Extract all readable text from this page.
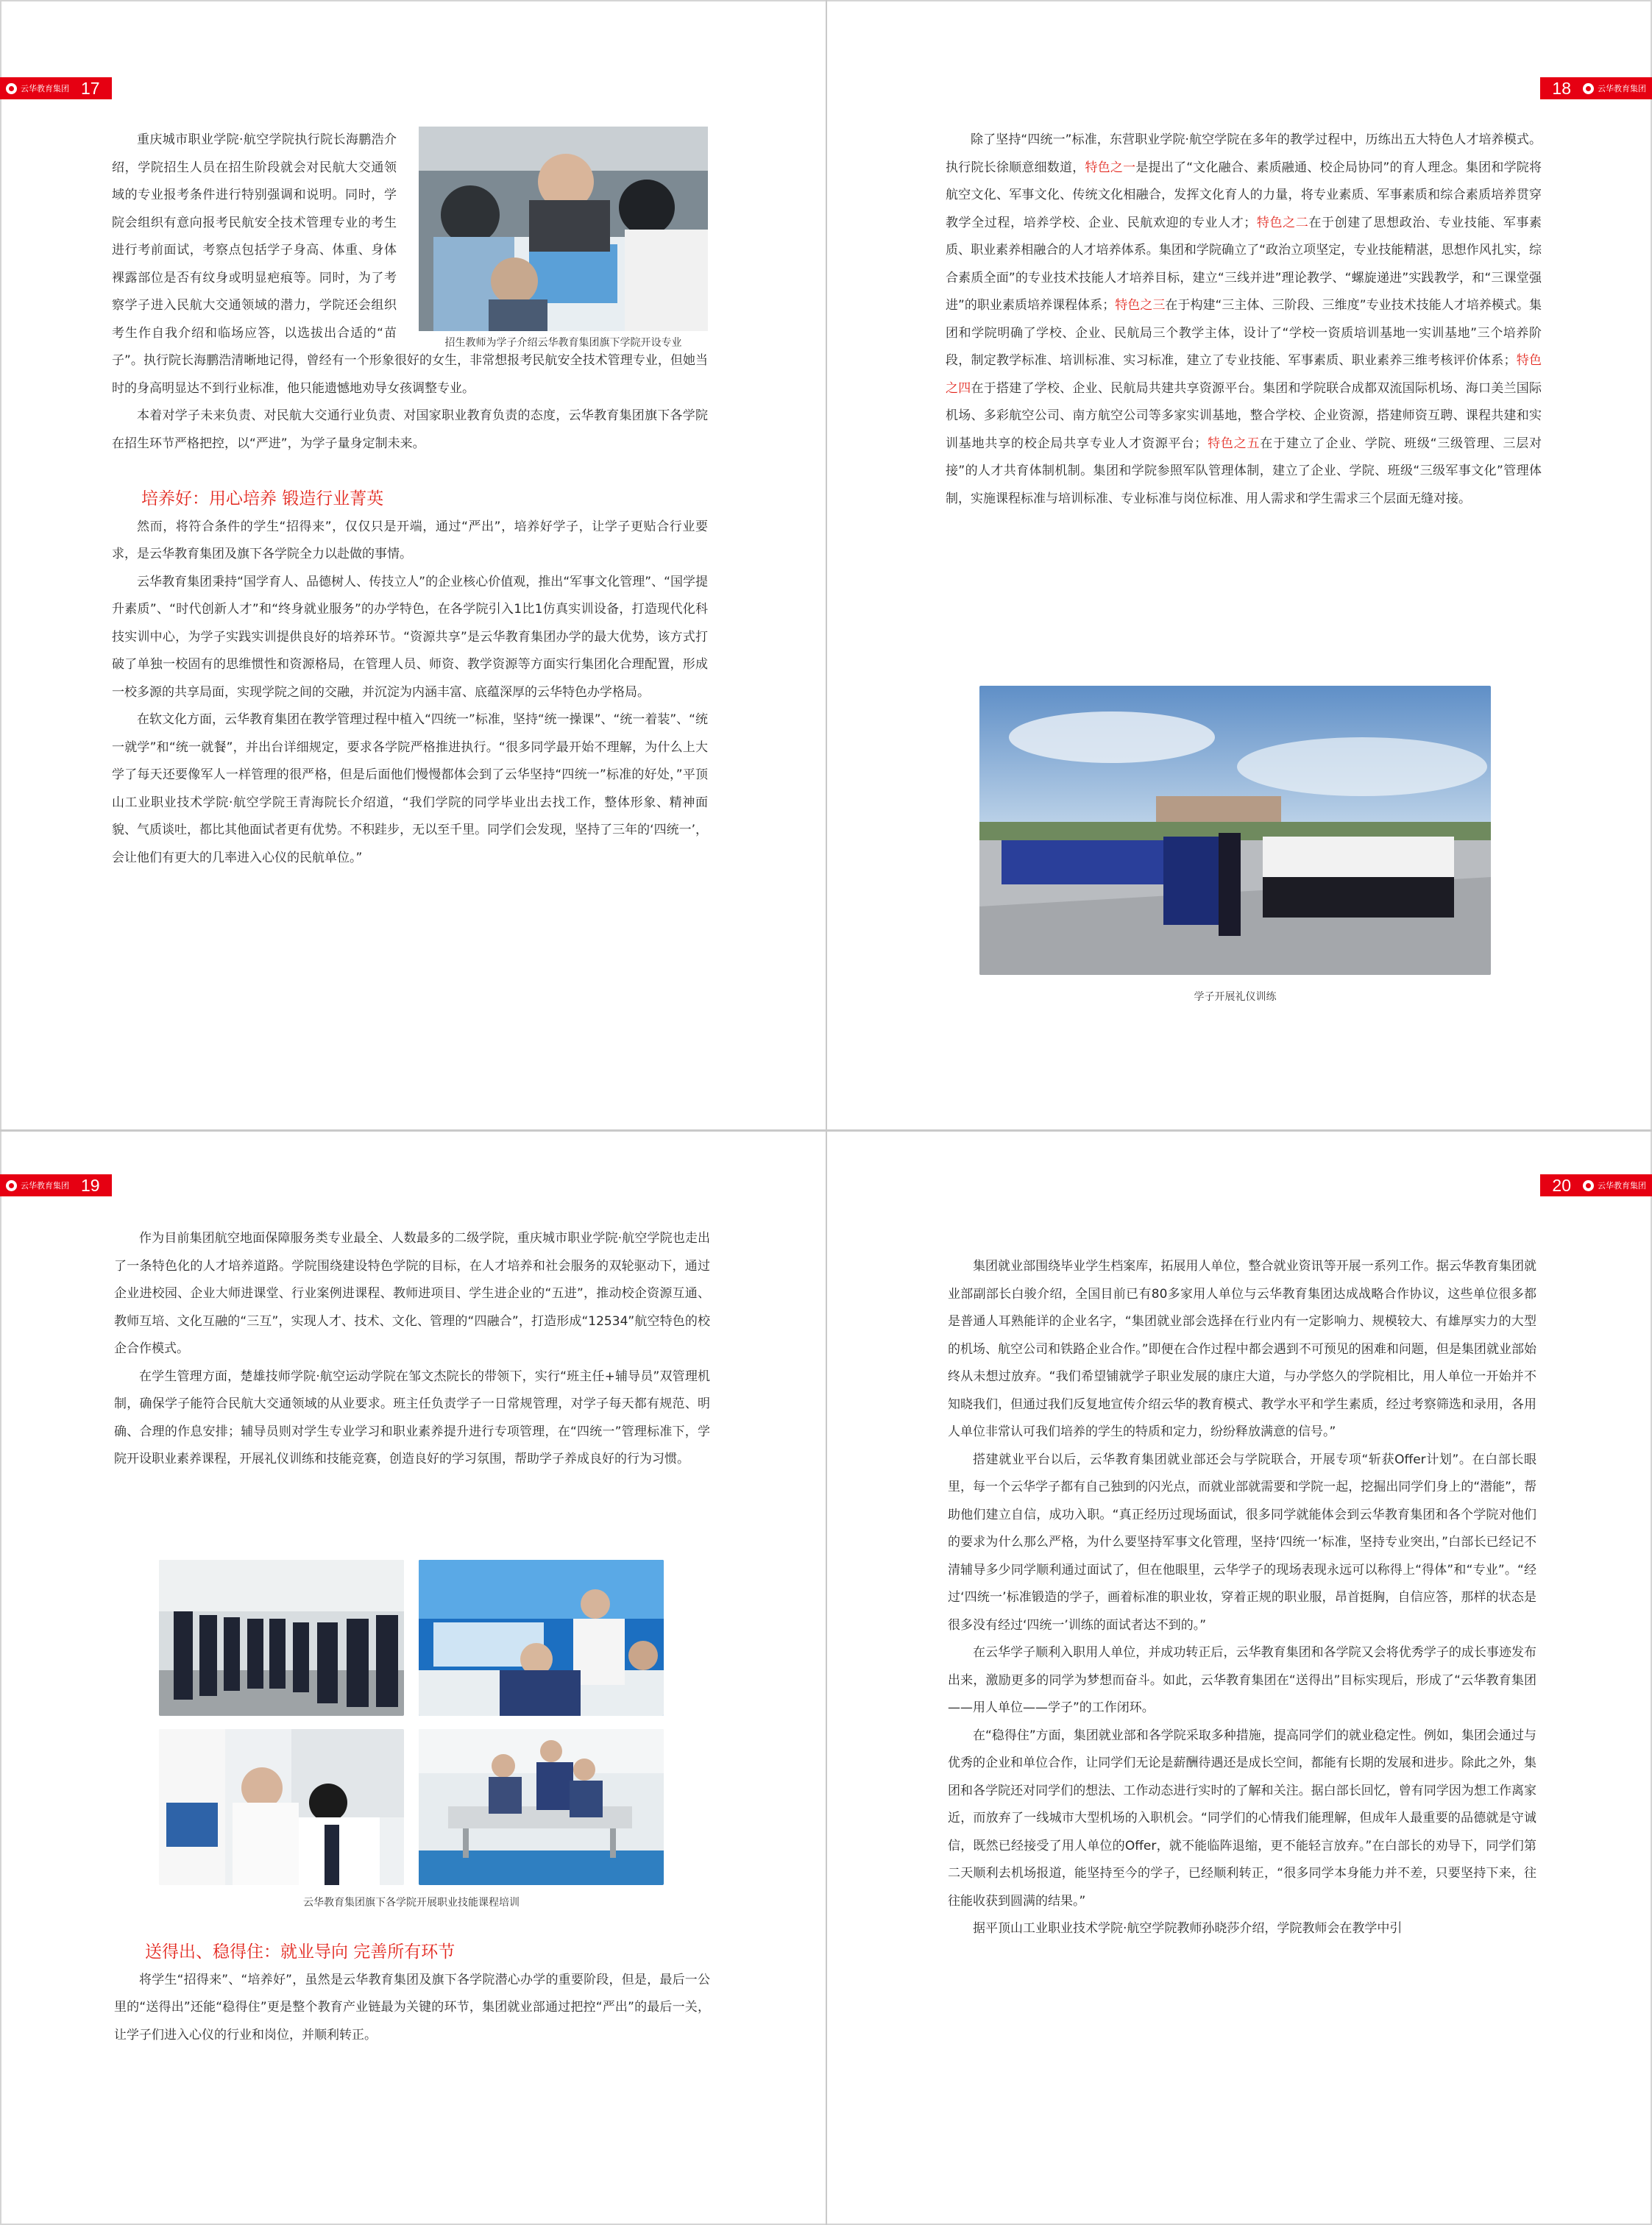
云华教育集团 17
招生教师为学子介绍云华教育集团旗下学院开设专业

重庆城市职业学院·航空学院执行院长海鹏浩介绍，学院招生人员在招生阶段就会对民航大交通领域的专业报考条件进行特别强调和说明。同时，学院会组织有意向报考民航安全技术管理专业的考生进行考前面试，考察点包括学子身高、体重、身体裸露部位是否有纹身或明显疤痕等。同时，为了考察学子进入民航大交通领域的潜力，学院还会组织考生作自我介绍和临场应答，以选拔出合适的“苗子”。执行院长海鹏浩清晰地记得，曾经有一个形象很好的女生，非常想报考民航安全技术管理专业，但她当时的身高明显达不到行业标准，他只能遗憾地劝导女孩调整专业。

本着对学子未来负责、对民航大交通行业负责、对国家职业教育负责的态度，云华教育集团旗下各学院在招生环节严格把控，以“严进”，为学子量身定制未来。

培养好：用心培养 锻造行业菁英

然而，将符合条件的学生“招得来”，仅仅只是开端，通过“严出”，培养好学子，让学子更贴合行业要求，是云华教育集团及旗下各学院全力以赴做的事情。

云华教育集团秉持“国学育人、品德树人、传技立人”的企业核心价值观，推出“军事文化管理”、“国学提升素质”、“时代创新人才”和“终身就业服务”的办学特色，在各学院引入1比1仿真实训设备，打造现代化科技实训中心，为学子实践实训提供良好的培养环节。“资源共享”是云华教育集团办学的最大优势，该方式打破了单独一校固有的思维惯性和资源格局，在管理人员、师资、教学资源等方面实行集团化合理配置，形成一校多源的共享局面，实现学院之间的交融，并沉淀为内涵丰富、底蕴深厚的云华特色办学格局。

在软文化方面，云华教育集团在教学管理过程中植入“四统一”标准，坚持“统一操课”、“统一着装”、“统一就学”和“统一就餐”，并出台详细规定，要求各学院严格推进执行。“很多同学最开始不理解，为什么上大学了每天还要像军人一样管理的很严格，但是后面他们慢慢都体会到了云华坚持“四统一”标准的好处，”平顶山工业职业技术学院·航空学院王青海院长介绍道，“我们学院的同学毕业出去找工作，整体形象、精神面貌、气质谈吐，都比其他面试者更有优势。不积跬步，无以至千里。同学们会发现，坚持了三年的‘四统一’，会让他们有更大的几率进入心仪的民航单位。”

18	云华教育集团

除了坚持“四统一”标准，东营职业学院·航空学院在多年的教学过程中，历练出五大特色人才培养模式。执行院长徐顺意细数道，特色之一是提出了“文化融合、素质融通、校企局协同”的育人理念。集团和学院将航空文化、军事文化、传统文化相融合，发挥文化育人的力量，将专业素质、军事素质和综合素质培养贯穿教学全过程，培养学校、企业、民航欢迎的专业人才；特色之二在于创建了思想政治、专业技能、军事素质、职业素养相融合的人才培养体系。集团和学院确立了“政治立项坚定，专业技能精湛，思想作风扎实，综合素质全面”的专业技术技能人才培养目标，建立“三线并进”理论教学、“螺旋递进”实践教学，和“三课堂强进”的职业素质培养课程体系；特色之三在于构建“三主体、三阶段、三维度”专业技术技能人才培养模式。集团和学院明确了学校、企业、民航局三个教学主体，设计了“学校一资质培训基地一实训基地”三个培养阶段，制定教学标准、培训标准、实习标准，建立了专业技能、军事素质、职业素养三维考核评价体系；特色之四在于搭建了学校、企业、民航局共建共享资源平台。集团和学院联合成都双流国际机场、海口美兰国际机场、多彩航空公司、南方航空公司等多家实训基地，整合学校、企业资源，搭建师资互聘、课程共建和实训基地共享的校企局共享专业人才资源平台；特色之五在于建立了企业、学院、班级“三级管理、三层对接”的人才共育体制机制。集团和学院参照军队管理体制，建立了企业、学院、班级“三级军事文化”管理体制，实施课程标准与培训标准、专业标准与岗位标准、用人需求和学生需求三个层面无缝对接。

学子开展礼仪训练
云华教育集团 19

作为目前集团航空地面保障服务类专业最全、人数最多的二级学院，重庆城市职业学院·航空学院也走出了一条特色化的人才培养道路。学院围绕建设特色学院的目标，在人才培养和社会服务的双轮驱动下，通过企业进校园、企业大师进课堂、行业案例进课程、教师进项目、学生进企业的“五进”，推动校企资源互通、教师互培、文化互融的“三互”，实现人才、技术、文化、管理的“四融合”，打造形成“12534”航空特色的校企合作模式。

在学生管理方面，楚雄技师学院·航空运动学院在邹文杰院长的带领下，实行“班主任+辅导员”双管理机制，确保学子能符合民航大交通领域的从业要求。班主任负责学子一日常规管理，对学子每天都有规范、明确、合理的作息安排；辅导员则对学生专业学习和职业素养提升进行专项管理，在“四统一”管理标准下，学院开设职业素养课程，开展礼仪训练和技能竞赛，创造良好的学习氛围，帮助学子养成良好的行为习惯。

云华教育集团旗下各学院开展职业技能课程培训

送得出、稳得住：就业导向 完善所有环节

将学生“招得来”、“培养好”，虽然是云华教育集团及旗下各学院潜心办学的重要阶段，但是，最后一公里的“送得出”还能“稳得住”更是整个教育产业链最为关键的环节，集团就业部通过把控“严出”的最后一关，让学子们进入心仪的行业和岗位，并顺利转正。

20	云华教育集团

集团就业部围绕毕业学生档案库，拓展用人单位，整合就业资讯等开展一系列工作。据云华教育集团就业部副部长白骏介绍，全国目前已有80多家用人单位与云华教育集团达成战略合作协议，这些单位很多都是普通人耳熟能详的企业名字，“集团就业部会选择在行业内有一定影响力、规模较大、有雄厚实力的大型的机场、航空公司和铁路企业合作。”即便在合作过程中都会遇到不可预见的困难和问题，但是集团就业部始终从未想过放弃。“我们希望铺就学子职业发展的康庄大道，与办学悠久的学院相比，用人单位一开始并不知晓我们，但通过我们反复地宣传介绍云华的教育模式、教学水平和学生素质，经过考察筛选和录用，各用人单位非常认可我们培养的学生的特质和定力，纷纷释放满意的信号。”

搭建就业平台以后，云华教育集团就业部还会与学院联合，开展专项“斩获Offer计划”。在白部长眼里，每一个云华学子都有自己独到的闪光点，而就业部就需要和学院一起，挖掘出同学们身上的“潜能”，帮助他们建立自信，成功入职。“真正经历过现场面试，很多同学就能体会到云华教育集团和各个学院对他们的要求为什么那么严格，为什么要坚持军事文化管理，坚持‘四统一’标准，坚持专业突出，”白部长已经记不清辅导多少同学顺利通过面试了，但在他眼里，云华学子的现场表现永远可以称得上“得体”和“专业”。“经过‘四统一’标准锻造的学子，画着标准的职业妆，穿着正规的职业服，昂首挺胸，自信应答，那样的状态是很多没有经过‘四统一’训练的面试者达不到的。”

在云华学子顺利入职用人单位，并成功转正后，云华教育集团和各学院又会将优秀学子的成长事迹发布出来，激励更多的同学为梦想而奋斗。如此，云华教育集团在“送得出”目标实现后，形成了“云华教育集团——用人单位——学子”的工作闭环。

在“稳得住”方面，集团就业部和各学院采取多种措施，提高同学们的就业稳定性。例如，集团会通过与优秀的企业和单位合作，让同学们无论是薪酬待遇还是成长空间，都能有长期的发展和进步。除此之外，集团和各学院还对同学们的想法、工作动态进行实时的了解和关注。据白部长回忆，曾有同学因为想工作离家近，而放弃了一线城市大型机场的入职机会。“同学们的心情我们能理解，但成年人最重要的品德就是守诚信，既然已经接受了用人单位的Offer，就不能临阵退缩，更不能轻言放弃。”在白部长的劝导下，同学们第二天顺利去机场报道，能坚持至今的学子，已经顺利转正，“很多同学本身能力并不差，只要坚持下来，往往能收获到圆满的结果。”

据平顶山工业职业技术学院·航空学院教师孙晓莎介绍，学院教师会在教学中引
